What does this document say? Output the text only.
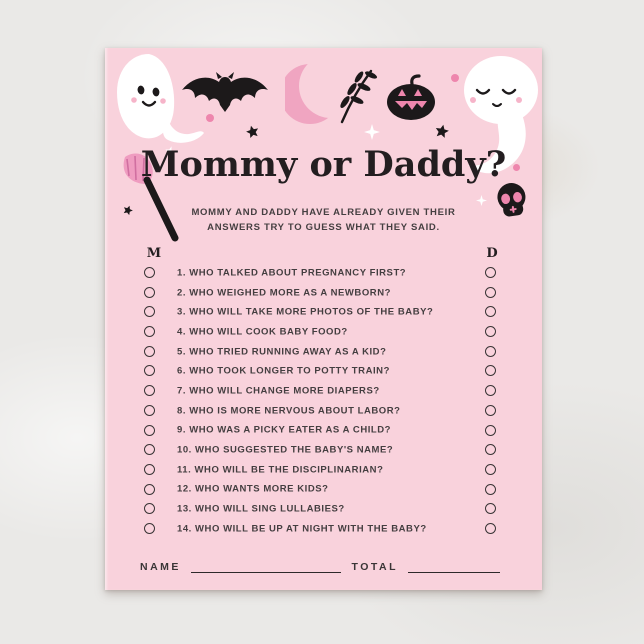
Mommy or Daddy?
MOMMY AND DADDY HAVE ALREADY GIVEN THEIR
ANSWERS TRY TO GUESS WHAT THEY SAID.
M	D
1. WHO TALKED ABOUT PREGNANCY FIRST?
2. WHO WEIGHED MORE AS A NEWBORN?
3. WHO WILL TAKE MORE PHOTOS OF THE BABY?
4. WHO WILL COOK BABY FOOD?
5. WHO TRIED RUNNING AWAY AS A KID?
6. WHO TOOK LONGER TO POTTY TRAIN?
7. WHO WILL CHANGE MORE DIAPERS?
8. WHO IS MORE NERVOUS ABOUT LABOR?
9. WHO WAS A PICKY EATER AS A CHILD?
10. WHO SUGGESTED THE BABY'S NAME?
11. WHO WILL BE THE DISCIPLINARIAN?
12. WHO WANTS MORE KIDS?
13. WHO WILL SING LULLABIES?
14. WHO WILL BE UP AT NIGHT WITH THE BABY?
NAME	TOTAL
